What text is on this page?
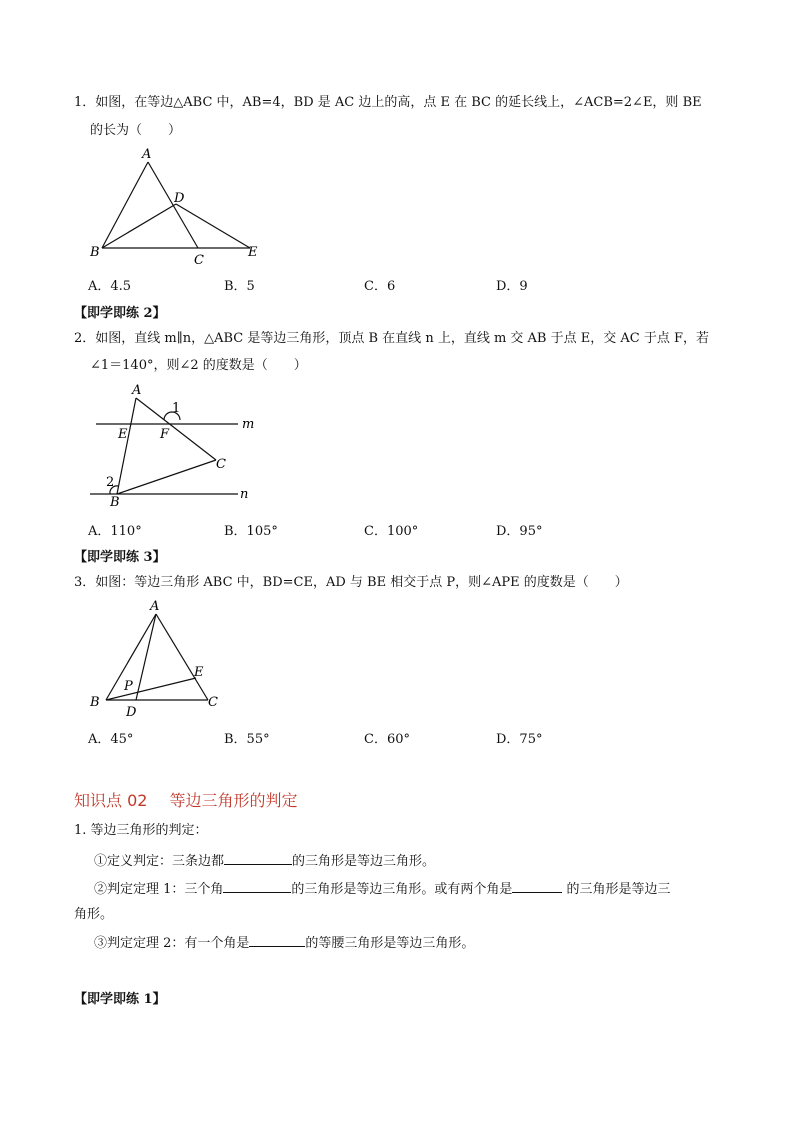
1．如图，在等边△ABC 中，AB=4，BD 是 AC 边上的高，点 E 在 BC 的延长线上，∠ACB=2∠E，则 BE
的长为（　　）
A
B
C
D
E
A．4.5	B．5	C．6	D．9
【即学即练 2】
2．如图，直线 m∥n，△ABC 是等边三角形，顶点 B 在直线 n 上，直线 m 交 AB 于点 E，交 AC 于点 F，若
∠1＝140°，则∠2 的度数是（　　）
A
B
C
E	F
m
n
1
2
A．110°	B．105°	C．100°	D．95°
【即学即练 3】
3．如图：等边三角形 ABC 中，BD=CE，AD 与 BE 相交于点 P，则∠APE 的度数是（　　）
A
B	C
D
E
P
A．45°	B．55°	C．60°	D．75°
知识点 02 等边三角形的判定
1. 等边三角形的判定：
①定义判定：三条边都	的三角形是等边三角形。
②判定定理 1：三个角	的三角形是等边三角形。或有两个角是	的三角形是等边三
角形。
③判定定理 2：有一个角是	的等腰三角形是等边三角形。
【即学即练 1】
